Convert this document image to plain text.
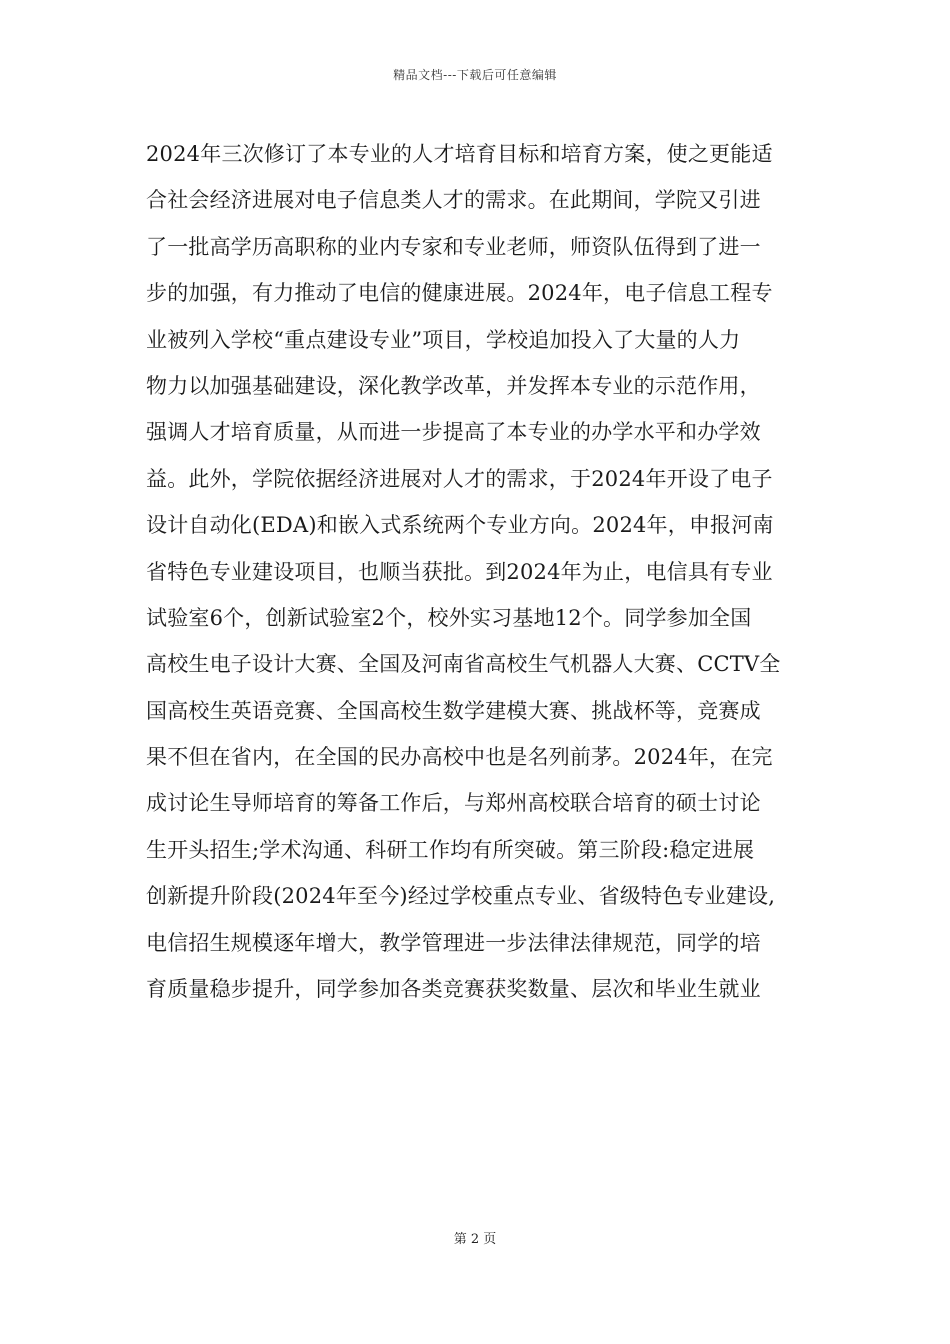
精品文档---下载后可任意编辑
2024年三次修订了本专业的人才培育目标和培育方案，使之更能适
合社会经济进展对电子信息类人才的需求。在此期间，学院又引进
了一批高学历高职称的业内专家和专业老师，师资队伍得到了进一
步的加强，有力推动了电信的健康进展。2024年，电子信息工程专
业被列入学校“重点建设专业”项目，学校追加投入了大量的人力
物力以加强基础建设，深化教学改革，并发挥本专业的示范作用，
强调人才培育质量，从而进一步提高了本专业的办学水平和办学效
益。此外，学院依据经济进展对人才的需求，于2024年开设了电子
设计自动化(EDA)和嵌入式系统两个专业方向。2024年，申报河南
省特色专业建设项目，也顺当获批。到2024年为止，电信具有专业
试验室6个，创新试验室2个，校外实习基地12个。同学参加全国
高校生电子设计大赛、全国及河南省高校生气机器人大赛、CCTV全
国高校生英语竞赛、全国高校生数学建模大赛、挑战杯等，竞赛成
果不但在省内，在全国的民办高校中也是名列前茅。2024年，在完
成讨论生导师培育的筹备工作后，与郑州高校联合培育的硕士讨论
生开头招生;学术沟通、科研工作均有所突破。第三阶段:稳定进展
创新提升阶段(2024年至今)经过学校重点专业、省级特色专业建设,
电信招生规模逐年增大，教学管理进一步法律法律规范，同学的培
育质量稳步提升，同学参加各类竞赛获奖数量、层次和毕业生就业
第 2 页
